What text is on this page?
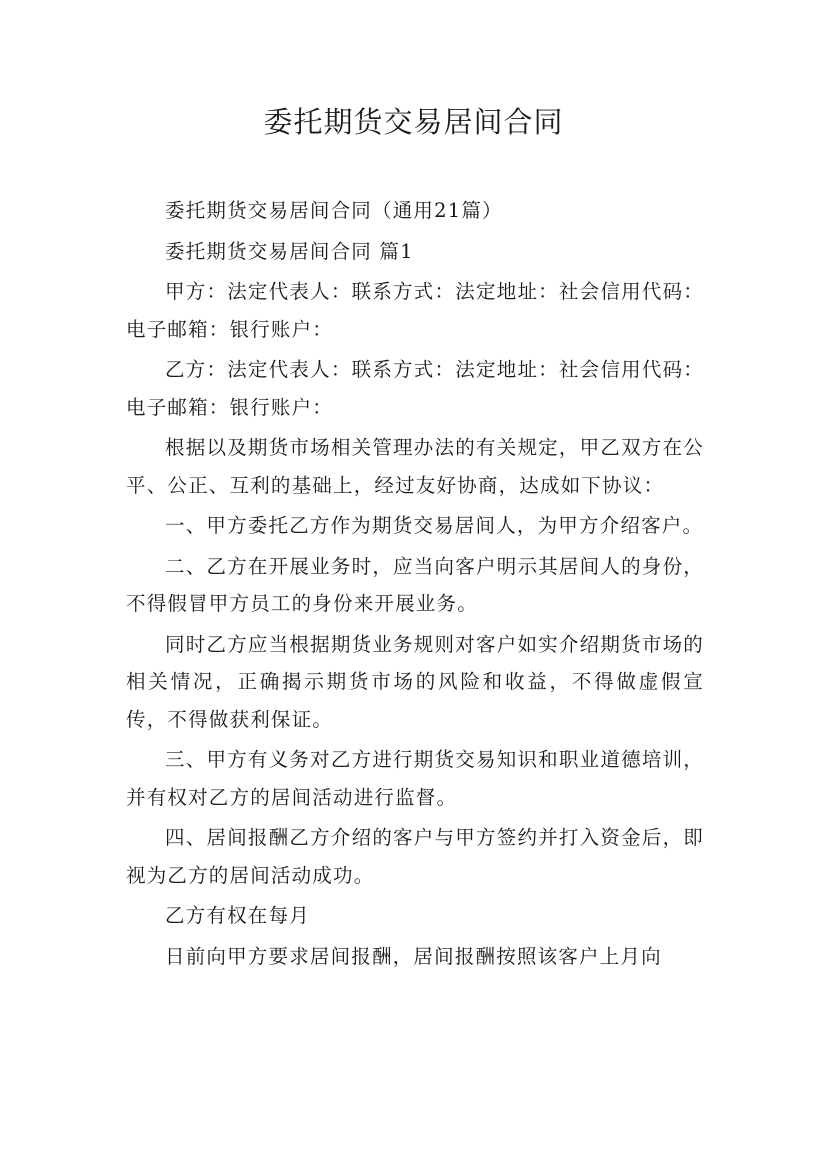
委托期货交易居间合同

委托期货交易居间合同（通用21篇）

委托期货交易居间合同 篇1

甲方：法定代表人：联系方式：法定地址：社会信用代码：电子邮箱：银行账户：

乙方：法定代表人：联系方式：法定地址：社会信用代码：电子邮箱：银行账户：

根据以及期货市场相关管理办法的有关规定，甲乙双方在公平、公正、互利的基础上，经过友好协商，达成如下协议：

一、甲方委托乙方作为期货交易居间人，为甲方介绍客户。

二、乙方在开展业务时，应当向客户明示其居间人的身份，不得假冒甲方员工的身份来开展业务。

同时乙方应当根据期货业务规则对客户如实介绍期货市场的相关情况，正确揭示期货市场的风险和收益，不得做虚假宣传，不得做获利保证。

三、甲方有义务对乙方进行期货交易知识和职业道德培训，并有权对乙方的居间活动进行监督。

四、居间报酬乙方介绍的客户与甲方签约并打入资金后，即视为乙方的居间活动成功。

乙方有权在每月

日前向甲方要求居间报酬，居间报酬按照该客户上月向
